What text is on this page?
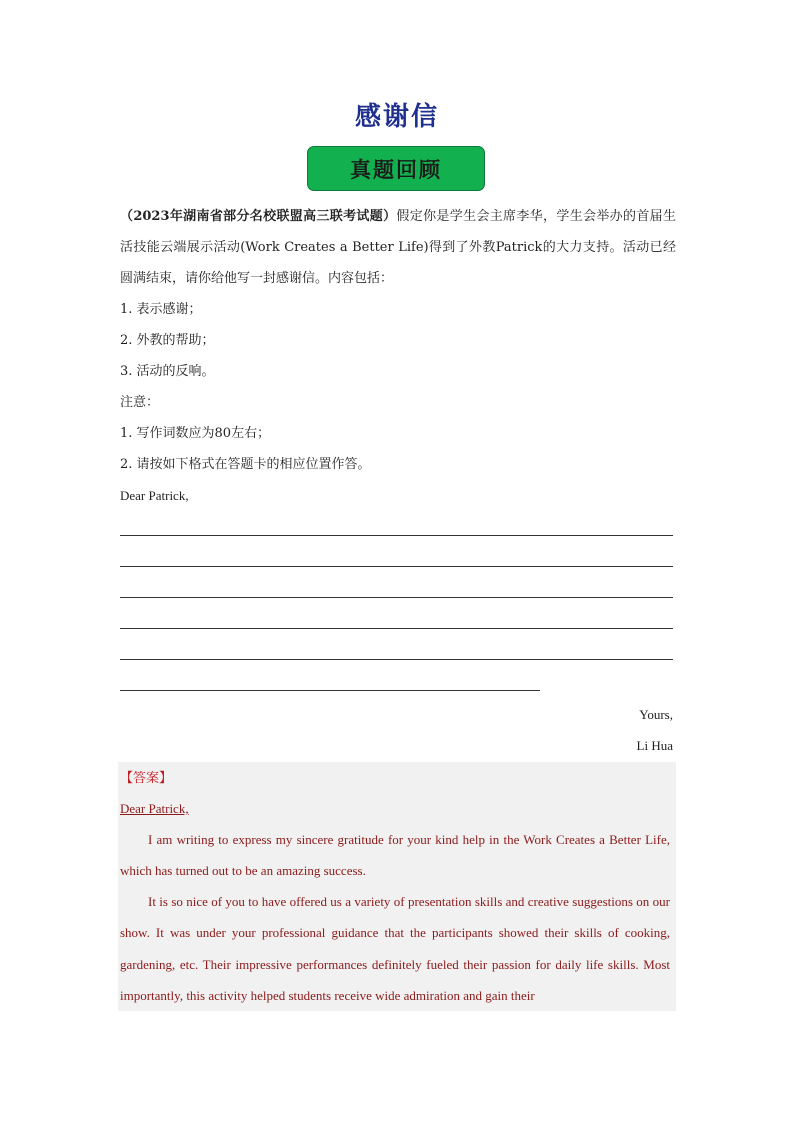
感谢信
真题回顾
（2023年湖南省部分名校联盟高三联考试题）假定你是学生会主席李华，学生会举办的首届生活技能云端展示活动(Work Creates a Better Life)得到了外教Patrick的大力支持。活动已经圆满结束，请你给他写一封感谢信。内容包括：
1. 表示感谢；
2. 外教的帮助；
3. 活动的反响。
注意：
1. 写作词数应为80左右；
2. 请按如下格式在答题卡的相应位置作答。
Dear Patrick,
Yours,
Li Hua
【答案】
Dear Patrick,
I am writing to express my sincere gratitude for your kind help in the Work Creates a Better Life, which has turned out to be an amazing success.
It is so nice of you to have offered us a variety of presentation skills and creative suggestions on our show. It was under your professional guidance that the participants showed their skills of cooking, gardening, etc. Their impressive performances definitely fueled their passion for daily life skills. Most importantly, this activity helped students receive wide admiration and gain their
